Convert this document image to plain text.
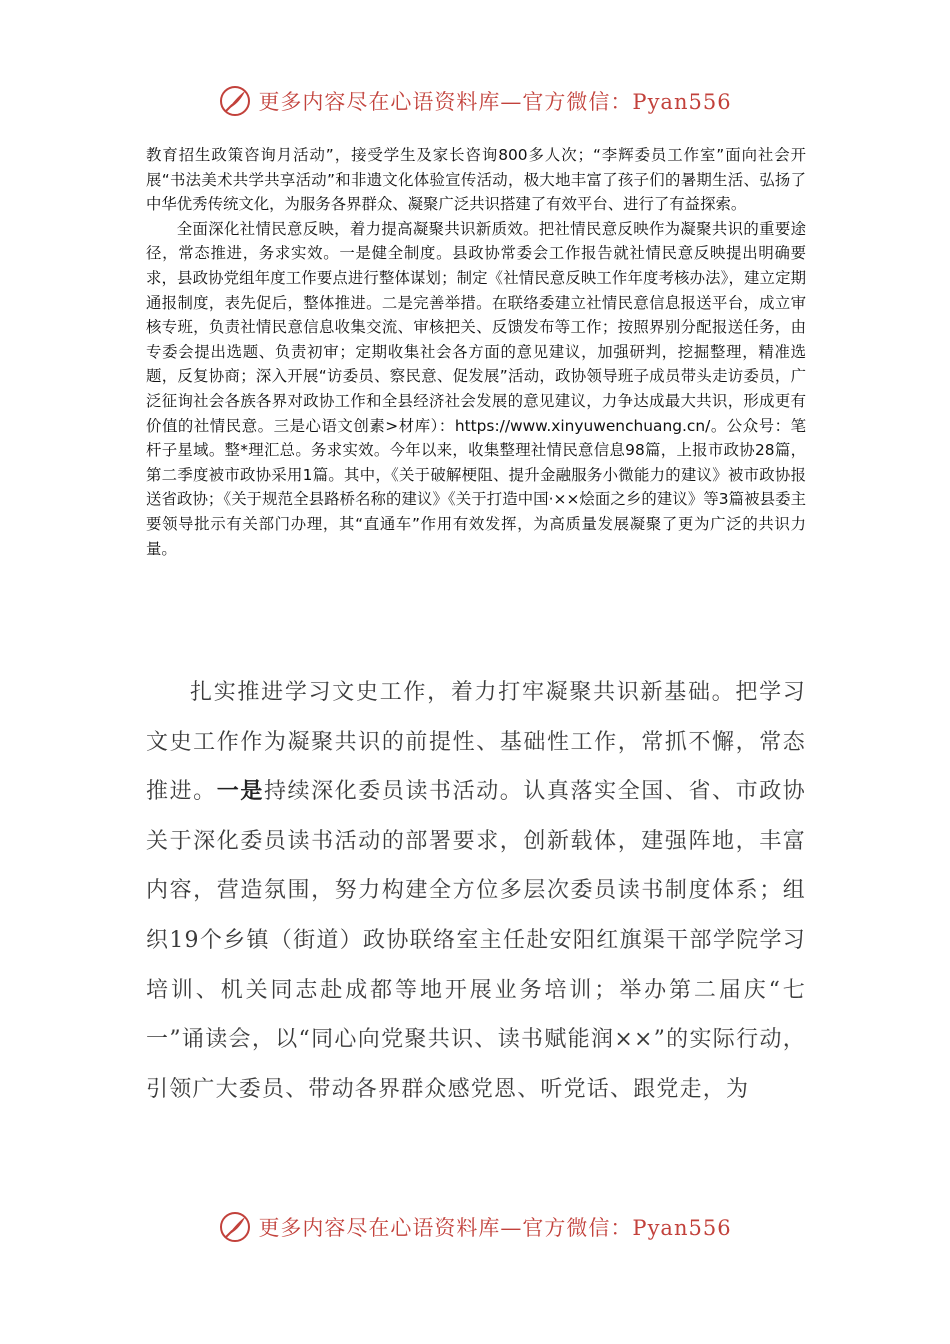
更多内容尽在心语资料库—官方微信：Pyan556

教育招生政策咨询月活动”，接受学生及家长咨询800多人次；“李辉委员工作室”面向社会开展“书法美术共学共享活动”和非遗文化体验宣传活动，极大地丰富了孩子们的暑期生活、弘扬了中华优秀传统文化，为服务各界群众、凝聚广泛共识搭建了有效平台、进行了有益探索。

全面深化社情民意反映，着力提高凝聚共识新质效。把社情民意反映作为凝聚共识的重要途径，常态推进，务求实效。一是健全制度。县政协常委会工作报告就社情民意反映提出明确要求，县政协党组年度工作要点进行整体谋划；制定《社情民意反映工作年度考核办法》，建立定期通报制度，表先促后，整体推进。二是完善举措。在联络委建立社情民意信息报送平台，成立审核专班，负责社情民意信息收集交流、审核把关、反馈发布等工作；按照界别分配报送任务，由专委会提出选题、负责初审；定期收集社会各方面的意见建议，加强研判，挖掘整理，精准选题，反复协商；深入开展“访委员、察民意、促发展”活动，政协领导班子成员带头走访委员，广泛征询社会各族各界对政协工作和全县经济社会发展的意见建议，力争达成最大共识，形成更有价值的社情民意。三是心语文创素>材库）：https://www.xinyuwenchuang.cn/。公众号：笔杆子星域。整*理汇总。务求实效。今年以来，收集整理社情民意信息98篇，上报市政协28篇，第二季度被市政协采用1篇。其中，《关于破解梗阻、提升金融服务小微能力的建议》被市政协报送省政协；《关于规范全县路桥名称的建议》《关于打造中国·××烩面之乡的建议》等3篇被县委主要领导批示有关部门办理，其“直通车”作用有效发挥，为高质量发展凝聚了更为广泛的共识力量。

扎实推进学习文史工作，着力打牢凝聚共识新基础。把学习文史工作作为凝聚共识的前提性、基础性工作，常抓不懈，常态推进。一是持续深化委员读书活动。认真落实全国、省、市政协关于深化委员读书活动的部署要求，创新载体，建强阵地，丰富内容，营造氛围，努力构建全方位多层次委员读书制度体系；组织19个乡镇（街道）政协联络室主任赴安阳红旗渠干部学院学习培训、机关同志赴成都等地开展业务培训；举办第二届庆“七一”诵读会，以“同心向党聚共识、读书赋能润××”的实际行动，引领广大委员、带动各界群众感党恩、听党话、跟党走，为

更多内容尽在心语资料库—官方微信：Pyan556
